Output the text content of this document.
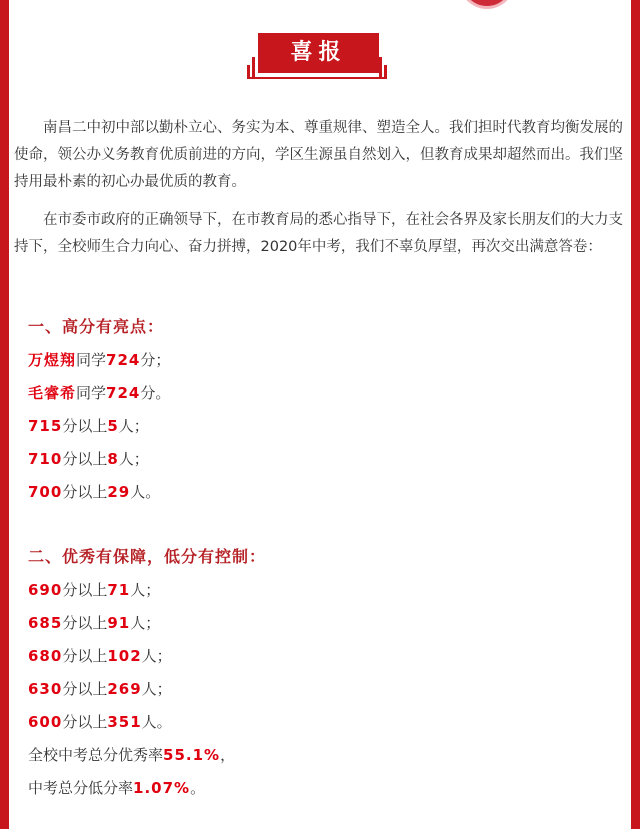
喜报

南昌二中初中部以勤朴立心、务实为本、尊重规律、塑造全人。我们担时代教育均衡发展的使命，领公办义务教育优质前进的方向，学区生源虽自然划入，但教育成果却超然而出。我们坚持用最朴素的初心办最优质的教育。

在市委市政府的正确领导下，在市教育局的悉心指导下，在社会各界及家长朋友们的大力支持下，全校师生合力向心、奋力拼搏，2020年中考，我们不辜负厚望，再次交出满意答卷：

一、高分有亮点：
万煜翔同学724分；
毛睿希同学724分。
715分以上5人；
710分以上8人；
700分以上29人。
二、优秀有保障，低分有控制：
690分以上71人；
685分以上91人；
680分以上102人；
630分以上269人；
600分以上351人。
全校中考总分优秀率55.1%，
中考总分低分率1.07%。
